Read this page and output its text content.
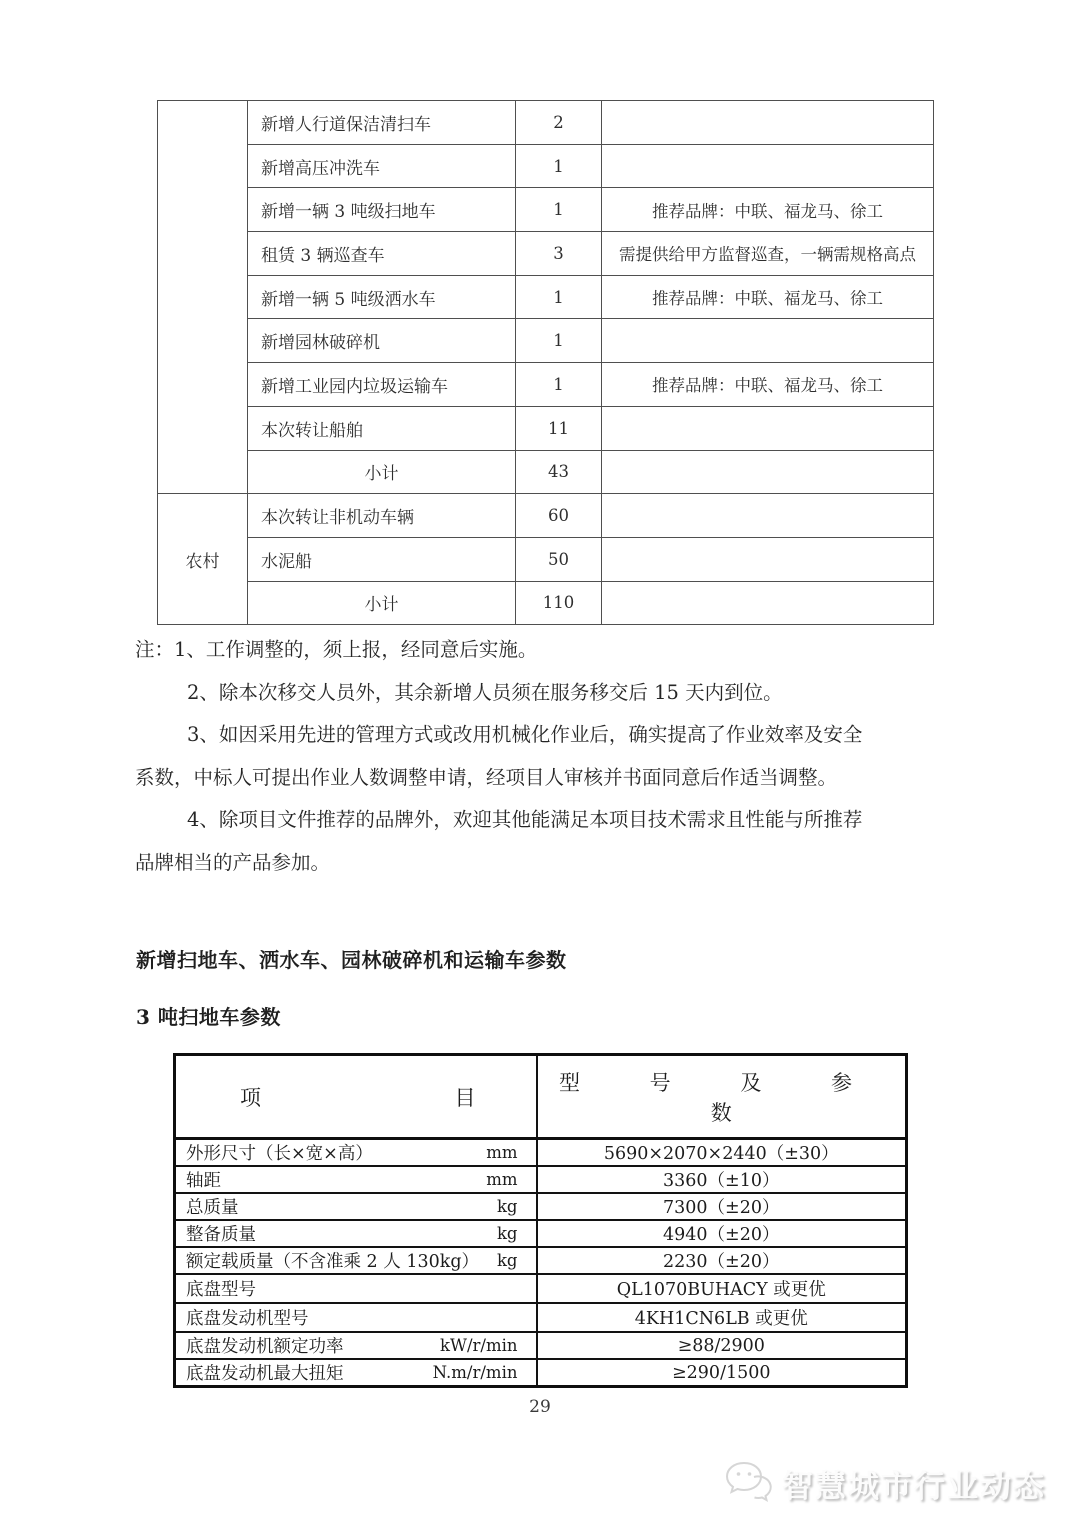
	新增人行道保洁清扫车	2	
	新增高压冲洗车	1	
	新增一辆 3 吨级扫地车	1	推荐品牌：中联、福龙马、徐工
	租赁 3 辆巡查车	3	需提供给甲方监督巡查，一辆需规格高点
	新增一辆 5 吨级洒水车	1	推荐品牌：中联、福龙马、徐工
	新增园林破碎机	1	
	新增工业园内垃圾运输车	1	推荐品牌：中联、福龙马、徐工
	本次转让船舶	11	
	小计	43	
农村	本次转让非机动车辆	60	
	水泥船	50	
	小计	110	
注：1、工作调整的，须上报，经同意后实施。
2、除本次移交人员外，其余新增人员须在服务移交后 15 天内到位。
3、如因采用先进的管理方式或改用机械化作业后，确实提高了作业效率及安全
系数，中标人可提出作业人数调整申请，经项目人审核并书面同意后作适当调整。
4、除项目文件推荐的品牌外，欢迎其他能满足本项目技术需求且性能与所推荐
品牌相当的产品参加。
新增扫地车、洒水车、园林破碎机和运输车参数
3 吨扫地车参数
项 目	型 号 及 参 数

外形尺寸（长×宽×高） mm	5690×2070×2440（±30）

轴距 mm	3360（±10）

总质量 kg	7300（±20）

整备质量 kg	4940（±20）

额定载质量（不含准乘 2 人 130kg） kg	2230（±20）

底盘型号	QL1070BUHACY 或更优

底盘发动机型号	4KH1CN6LB 或更优

底盘发动机额定功率 kW/r/min	≥88/2900

底盘发动机最大扭矩 N.m/r/min	≥290/1500
29
智慧城市行业动态
